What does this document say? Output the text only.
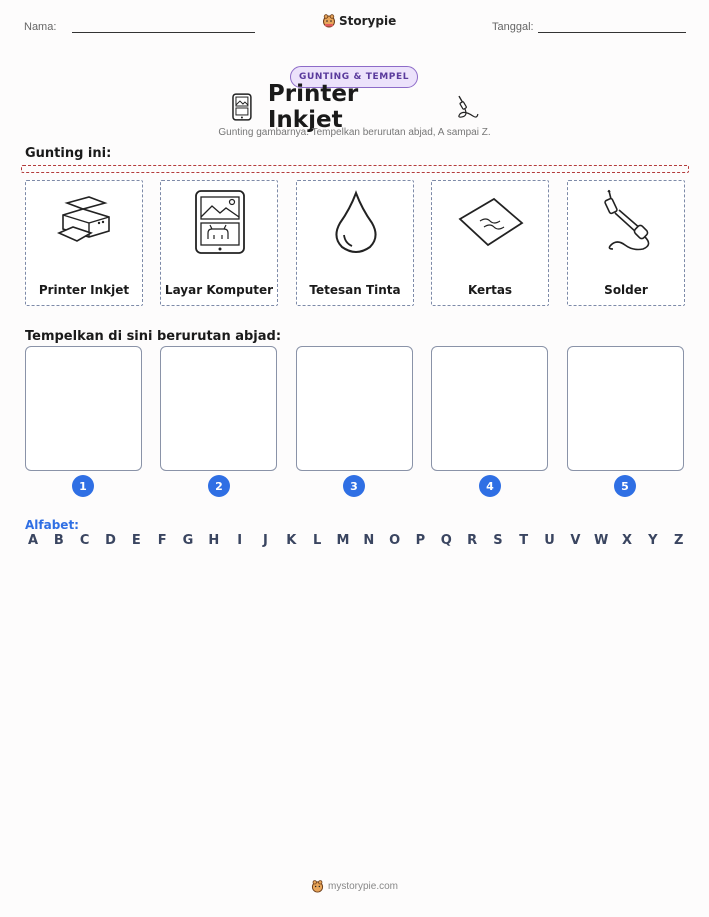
Nama:	Storypie	Tanggal:
GUNTING & TEMPEL
Printer Inkjet
Gunting gambarnya. Tempelkan berurutan abjad, A sampai Z.
Gunting ini:
Printer Inkjet	Layar Komputer	Tetesan Tinta	Kertas	Solder
Tempelkan di sini berurutan abjad:
1	2	3	4	5
Alfabet:
A B C D E F G H	I	J	K L M N O P Q R S T U V W X Y Z
mystorypie.com
